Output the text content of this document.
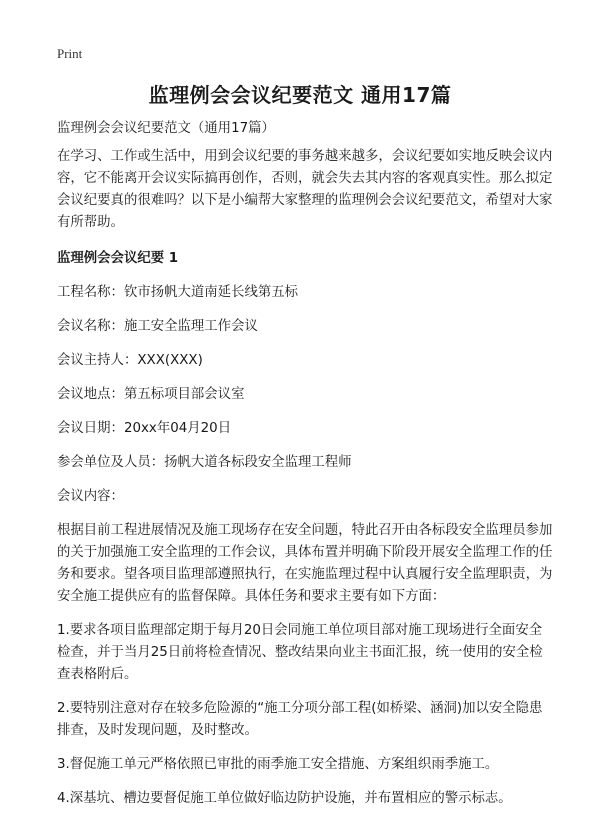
Print
监理例会会议纪要范文 通用17篇

监理例会会议纪要范文（通用17篇）

在学习、工作或生活中，用到会议纪要的事务越来越多，会议纪要如实地反映会议内容，它不能离开会议实际搞再创作，否则，就会失去其内容的客观真实性。那么拟定会议纪要真的很难吗？以下是小编帮大家整理的监理例会会议纪要范文，希望对大家有所帮助。

监理例会会议纪要 1

工程名称：钦市扬帆大道南延长线第五标

会议名称：施工安全监理工作会议

会议主持人：XXX(XXX)

会议地点：第五标项目部会议室

会议日期：20xx年04月20日

参会单位及人员：扬帆大道各标段安全监理工程师

会议内容：

根据目前工程进展情况及施工现场存在安全问题，特此召开由各标段安全监理员参加的关于加强施工安全监理的工作会议，具体布置并明确下阶段开展安全监理工作的任务和要求。望各项目监理部遵照执行，在实施监理过程中认真履行安全监理职责，为安全施工提供应有的监督保障。具体任务和要求主要有如下方面：

1.要求各项目监理部定期于每月20日会同施工单位项目部对施工现场进行全面安全检查，并于当月25日前将检查情况、整改结果向业主书面汇报，统一使用的安全检查表格附后。

2.要特别注意对存在较多危险源的“施工分项分部工程(如桥梁、涵洞)加以安全隐患排查，及时发现问题，及时整改。

3.督促施工单元严格依照已审批的雨季施工安全措施、方案组织雨季施工。

4.深基坑、槽边要督促施工单位做好临边防护设施，并布置相应的警示标志。
